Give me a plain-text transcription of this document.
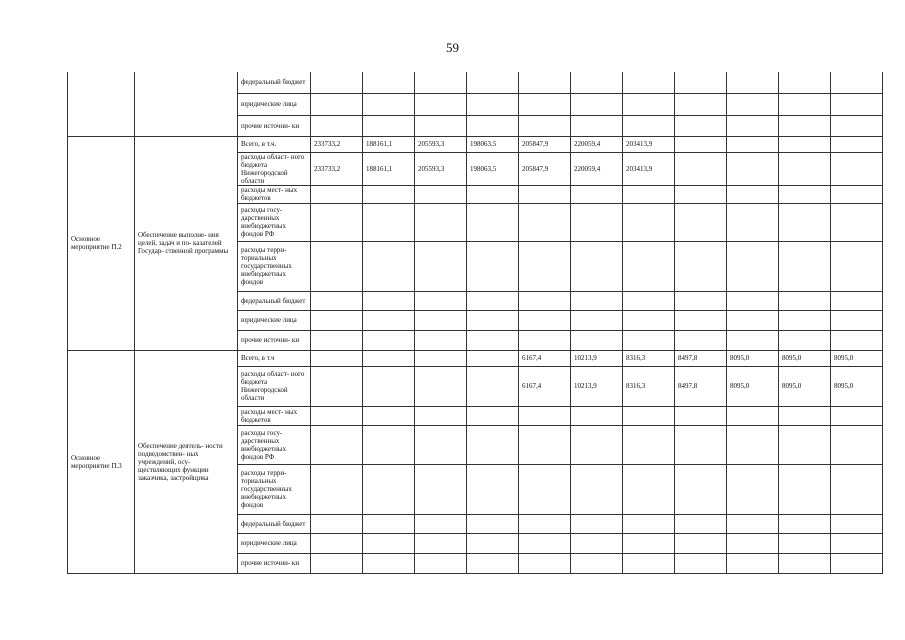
59
		федеральный бюджет											
		юридические лица											
		прочие источни- ки											
Основное мероприятие П.2	Обеспечение выполне- ния целей, задач и по- казателей Государ- ственной программы	Всего, в т.ч.	233733,2	188161,1	205593,3	198063,5	205847,9	220059,4	203413,9				
		расходы област- ного бюджета Нижегородской области	233733,2	188161,1	205593,3	198063,5	205847,9	220059,4	203413,9				
		расходы мест- ных бюджетов											
		расходы госу- дарственных внебюджетных фондов РФ											
		расходы терри- ториальных государственных внебюджетных фондов											
		федеральный бюджет											
		юридические лица											
		прочие источни- ки											
Основное мероприятие П.3	Обеспечение деятель- ности подведомствен- ных учреждений, осу- ществляющих функции заказчика, застройщика	Всего, в т.ч					6167,4	10213,9	8316,3	8497,8	8095,0	8095,0	8095,0
		расходы област- ного бюджета Нижегородской области					6167,4	10213,9	8316,3	8497,8	8095,0	8095,0	8095,0
		расходы мест- ных бюджетов											
		расходы госу- дарственных внебюджетных фондов РФ											
		расходы терри- ториальных государственных внебюджетных фондов											
		федеральный бюджет											
		юридические лица											
		прочие источни- ки											
